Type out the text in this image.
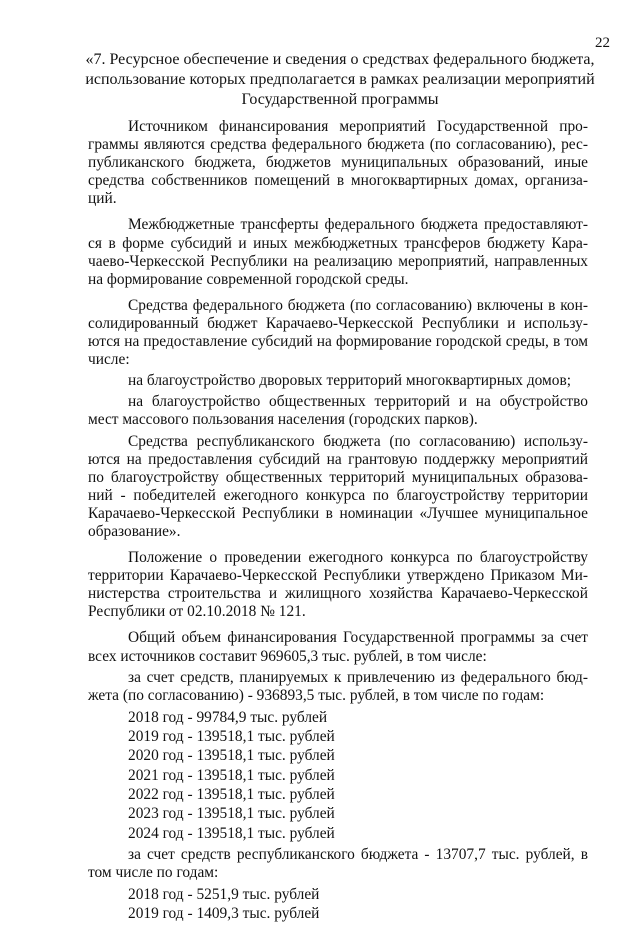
22
«7. Ресурсное обеспечение и сведения о средствах федерального бюджета,
использование которых предполагается в рамках реализации мероприятий
Государственной программы

Источником финансирования мероприятий Государственной программы являются средства федерального бюджета (по согласованию), республиканского бюджета, бюджетов муниципальных образований, иные средства собственников помещений в многоквартирных домах, организаций.

Межбюджетные трансферты федерального бюджета предоставляются в форме субсидий и иных межбюджетных трансферов бюджету Карачаево-Черкесской Республики на реализацию мероприятий, направленных на формирование современной городской среды.

Средства федерального бюджета (по согласованию) включены в консолидированный бюджет Карачаево-Черкесской Республики и используются на предоставление субсидий на формирование городской среды, в том числе:

на благоустройство дворовых территорий многоквартирных домов;

на благоустройство общественных территорий и на обустройство мест массового пользования населения (городских парков).

Средства республиканского бюджета (по согласованию) используются на предоставления субсидий на грантовую поддержку мероприятий по благоустройству общественных территорий муниципальных образований - победителей ежегодного конкурса по благоустройству территории Карачаево-Черкесской Республики в номинации «Лучшее муниципальное образование».

Положение о проведении ежегодного конкурса по благоустройству территории Карачаево-Черкесской Республики утверждено Приказом Министерства строительства и жилищного хозяйства Карачаево-Черкесской Республики от 02.10.2018 № 121.

Общий объем финансирования Государственной программы за счет всех источников составит 969605,3 тыс. рублей, в том числе:

за счет средств, планируемых к привлечению из федерального бюджета (по согласованию) - 936893,5 тыс. рублей, в том числе по годам:

2018 год - 99784,9 тыс. рублей

2019 год - 139518,1 тыс. рублей

2020 год - 139518,1 тыс. рублей

2021 год - 139518,1 тыс. рублей

2022 год - 139518,1 тыс. рублей

2023 год - 139518,1 тыс. рублей

2024 год - 139518,1 тыс. рублей

за счет средств республиканского бюджета - 13707,7 тыс. рублей, в том числе по годам:

2018 год - 5251,9 тыс. рублей

2019 год - 1409,3 тыс. рублей
